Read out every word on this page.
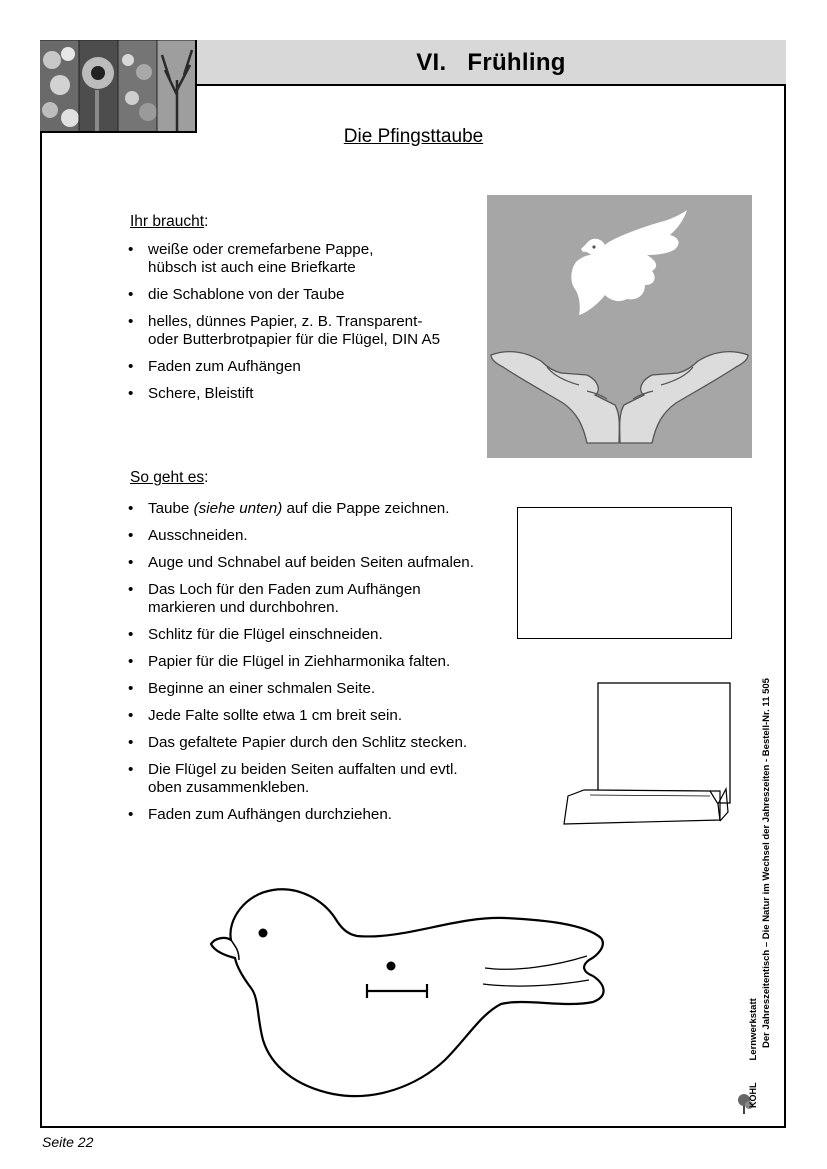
VI.
Frühling
Die Pfingsttaube
Ihr braucht:
• weiße oder cremefarbene Pappe,
hübsch ist auch eine Briefkarte
• die Schablone von der Taube
• helles, dünnes Papier, z. B. Transparent-
oder Butterbrotpapier für die Flügel, DIN A5
• Faden zum Aufhängen
• Schere, Bleistift
So geht es:
• Taube (siehe unten) auf die Pappe zeichnen.
• Ausschneiden.
• Auge und Schnabel auf beiden Seiten aufmalen.
• Das Loch für den Faden zum Aufhängen
markieren und durchbohren.
• Schlitz für die Flügel einschneiden.
• Papier für die Flügel in Ziehharmonika falten.
• Beginne an einer schmalen Seite.
• Jede Falte sollte etwa 1 cm breit sein.
• Das gefaltete Papier durch den Schlitz stecken.
• Die Flügel zu beiden Seiten auffalten und evtl.
oben zusammenkleben.
• Faden zum Aufhängen durchziehen.
KOHLLernwerkstatt Der Jahreszeitentisch – Die Natur im Wechsel der Jahreszeiten - Bestell-Nr. 11 505
Seite 22
